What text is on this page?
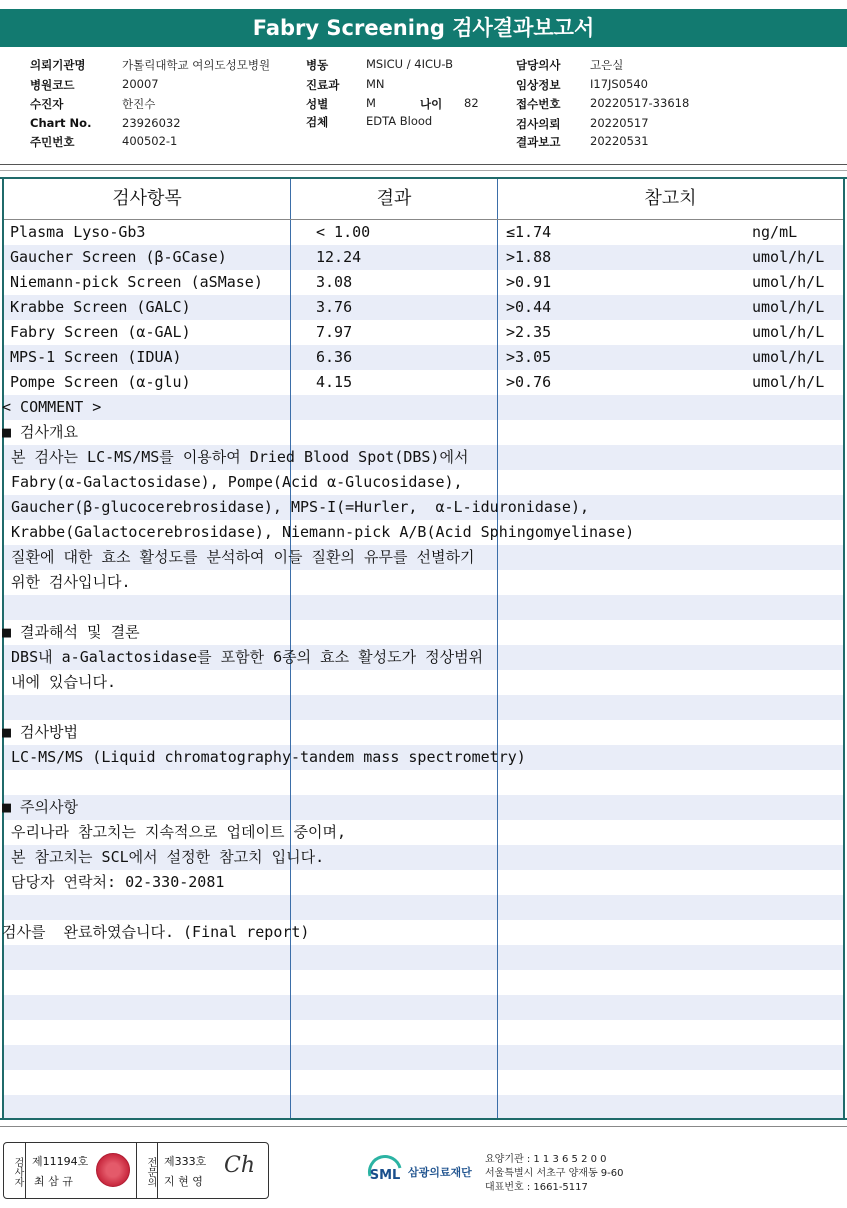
Fabry Screening 검사결과보고서
의뢰기관명	가톨릭대학교 여의도성모병원
병원코드	20007
수진자	한진수
Chart No.	23926032
주민번호	400502-1
병동	MSICU / 4ICU-B
진료과 MN
성별	M	나이 82
검체	EDTA Blood
담당의사	고은실
임상정보	I17JS0540
접수번호	20220517-33618
검사의뢰	20220517
결과보고	20220531
검사항목	결과	참고치
Plasma Lyso-Gb3	< 1.00	≤1.74	ng/mL
Gaucher Screen (β-GCase)	12.24	>1.88	umol/h/L
Niemann-pick Screen (aSMase)	3.08	>0.91	umol/h/L
Krabbe Screen (GALC)	3.76	>0.44	umol/h/L
Fabry Screen (α-GAL)	7.97	>2.35	umol/h/L
MPS-1 Screen (IDUA)	6.36	>3.05	umol/h/L
Pompe Screen (α-glu)	4.15	>0.76	umol/h/L
< COMMENT >
■ 검사개요
본 검사는 LC-MS/MS를 이용하여 Dried Blood Spot(DBS)에서
Fabry(α-Galactosidase), Pompe(Acid α-Glucosidase),
Gaucher(β-glucocerebrosidase), MPS-I(=Hurler,  α-L-iduronidase),
Krabbe(Galactocerebrosidase), Niemann-pick A/B(Acid Sphingomyelinase)
질환에 대한 효소 활성도를 분석하여 이들 질환의 유무를 선별하기
위한 검사입니다.
■ 결과해석 및 결론
DBS내 a-Galactosidase를 포함한 6종의 효소 활성도가 정상범위
내에 있습니다.
■ 검사방법
LC-MS/MS (Liquid chromatography-tandem mass spectrometry)
■ 주의사항
우리나라 참고치는 지속적으로 업데이트 중이며,
본 참고치는 SCL에서 설정한 참고치 입니다.
담당자 연락처: 02-330-2081
검사를  완료하였습니다. (Final report)
검사자 제11194호
최 삼 규	전문의 제333호
지 현 영
Ch	SML 삼광의료재단
요양기관 : 1 1 3 6 5 2 0 0
서울특별시 서초구 양재동 9-60
대표번호 : 1661-5117
